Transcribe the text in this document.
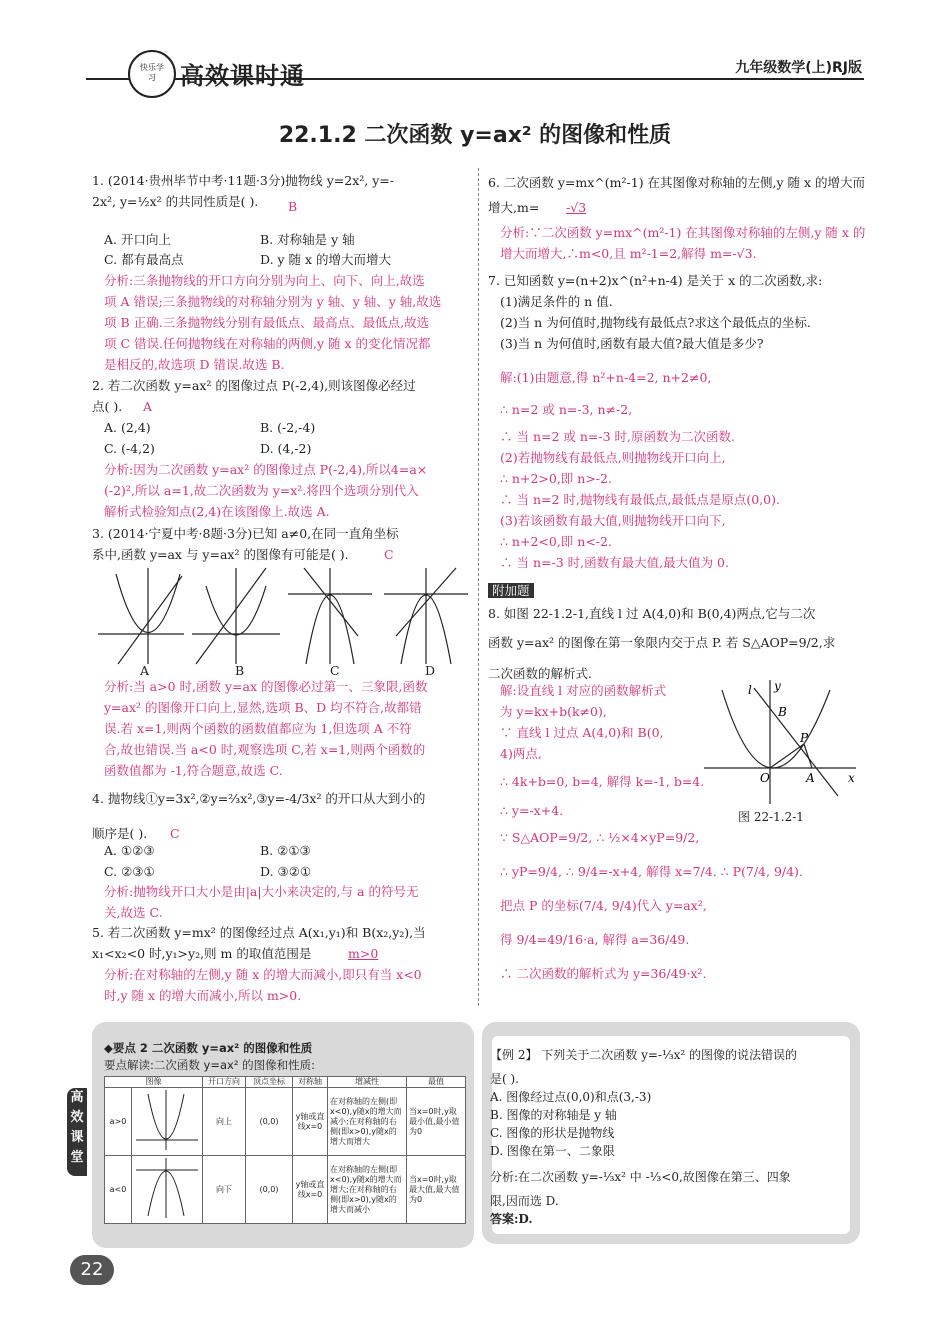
快乐学习	高效课时通	九年级数学(上)RJ版
22.1.2 二次函数 y=ax² 的图像和性质
1. (2014·贵州毕节中考·11题·3分)抛物线 y=2x², y=-
2x², y=½x² 的共同性质是( ).	B
A. 开口向上	B. 对称轴是 y 轴
C. 都有最高点	D. y 随 x 的增大而增大
分析:三条抛物线的开口方向分别为向上、向下、向上,故选
项 A 错误;三条抛物线的对称轴分别为 y 轴、y 轴、y 轴,故选
项 B 正确.三条抛物线分别有最低点、最高点、最低点,故选
项 C 错误.任何抛物线在对称轴的两侧,y 随 x 的变化情况都
是相反的,故选项 D 错误.故选 B.
2. 若二次函数 y=ax² 的图像过点 P(-2,4),则该图像必经过
点( ).	A
A. (2,4)	B. (-2,-4)
C. (-4,2)	D. (4,-2)
分析:因为二次函数 y=ax² 的图像过点 P(-2,4),所以4=a×
(-2)²,所以 a=1,故二次函数为 y=x².将四个选项分别代入
解析式检验知点(2,4)在该图像上.故选 A.
3. (2014·宁夏中考·8题·3分)已知 a≠0,在同一直角坐标
系中,函数 y=ax 与 y=ax² 的图像有可能是( ).	C
A	B	C	D
分析:当 a>0 时,函数 y=ax 的图像必过第一、三象限,函数
y=ax² 的图像开口向上,显然,选项 B、D 均不符合,故都错
误.若 x=1,则两个函数的函数值都应为 1,但选项 A 不符
合,故也错误.当 a<0 时,观察选项 C,若 x=1,则两个函数的
函数值都为 -1,符合题意,故选 C.
4. 抛物线①y=3x²,②y=⅔x²,③y=-4/3x² 的开口从大到小的
顺序是( ).	C
A. ①②③	B. ②①③
C. ②③①	D. ③②①
分析:抛物线开口大小是由|a|大小来决定的,与 a 的符号无
关,故选 C.
5. 若二次函数 y=mx² 的图像经过点 A(x₁,y₁)和 B(x₂,y₂),当
x₁<x₂<0 时,y₁>y₂,则 m 的取值范围是	m>0
分析:在对称轴的左侧,y 随 x 的增大而减小,即只有当 x<0
时,y 随 x 的增大而减小,所以 m>0.
6. 二次函数 y=mx^(m²-1) 在其图像对称轴的左侧,y 随 x 的增大而
增大,m=	-√3
分析:∵二次函数 y=mx^(m²-1) 在其图像对称轴的左侧,y 随 x 的
增大而增大,∴m<0,且 m²-1=2,解得 m=-√3.
7. 已知函数 y=(n+2)x^(n²+n-4) 是关于 x 的二次函数,求:
(1)满足条件的 n 值.
(2)当 n 为何值时,抛物线有最低点?求这个最低点的坐标.
(3)当 n 为何值时,函数有最大值?最大值是多少?
解:(1)由题意,得 n²+n-4=2, n+2≠0,
∴ n=2 或 n=-3, n≠-2,
∴ 当 n=2 或 n=-3 时,原函数为二次函数.
(2)若抛物线有最低点,则抛物线开口向上,
∴ n+2>0,即 n>-2.
∴ 当 n=2 时,抛物线有最低点,最低点是原点(0,0).
(3)若该函数有最大值,则抛物线开口向下,
∴ n+2<0,即 n<-2.
∴ 当 n=-3 时,函数有最大值,最大值为 0.
附加题
8. 如图 22-1.2-1,直线 l 过 A(4,0)和 B(0,4)两点,它与二次
函数 y=ax² 的图像在第一象限内交于点 P. 若 S△AOP=9/2,求
二次函数的解析式.
解:设直线 l 对应的函数解析式
为 y=kx+b(k≠0),
∵ 直线 l 过点 A(4,0)和 B(0,
4)两点,
∴ 4k+b=0, b=4, 解得 k=-1, b=4.
∴ y=-x+4.
∵ S△AOP=9/2, ∴ ½×4×yP=9/2,
∴ yP=9/4, ∴ 9/4=-x+4, 解得 x=7/4. ∴ P(7/4, 9/4).
把点 P 的坐标(7/4, 9/4)代入 y=ax²,
得 9/4=49/16·a, 解得 a=36/49.
∴ 二次函数的解析式为 y=36/49·x².
l y
B
P
O	A	x
图 22-1.2-1
◆要点 2 二次函数 y=ax² 的图像和性质
要点解读:二次函数 y=ax² 的图像和性质:
图像		开口方向	顶点坐标	对称轴	增减性	最值
a>0		向上	(0,0)	y轴或直线x=0	在对称轴的左侧(即x<0),y随x的增大而减小;在对称轴的右侧(即x>0),y随x的增大而增大	当x=0时,y取最小值,最小值为0
a<0		向下	(0,0)	y轴或直线x=0	在对称轴的左侧(即x<0),y随x的增大而增大;在对称轴的右侧(即x>0),y随x的增大而减小	当x=0时,y取最大值,最大值为0
【例 2】 下列关于二次函数 y=-⅓x² 的图像的说法错误的
是( ).
A. 图像经过点(0,0)和点(3,-3)
B. 图像的对称轴是 y 轴
C. 图像的形状是抛物线
D. 图像在第一、二象限
分析:在二次函数 y=-⅓x² 中 -⅓<0,故图像在第三、四象
限,因而选 D.
答案:D.
高效课堂
22
